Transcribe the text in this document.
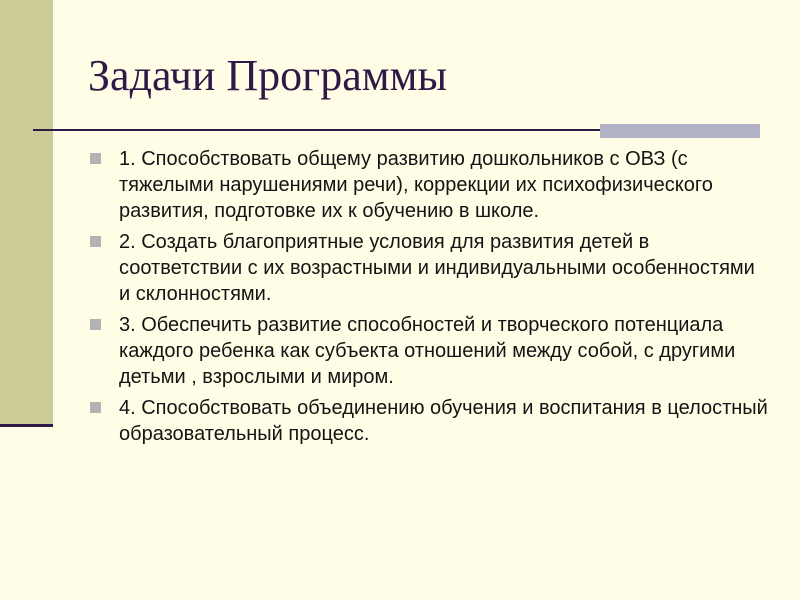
Задачи Программы
1. Способствовать общему развитию дошкольников с ОВЗ (с тяжелыми нарушениями речи), коррекции их психофизического развития, подготовке их к обучению в школе.
2. Создать благоприятные условия для развития детей в соответствии с их возрастными и индивидуальными особенностями и склонностями.
3. Обеспечить развитие способностей и творческого потенциала каждого ребенка как субъекта отношений между собой, с другими детьми , взрослыми и миром.
4. Способствовать объединению обучения и воспитания в целостный образовательный процесс.
